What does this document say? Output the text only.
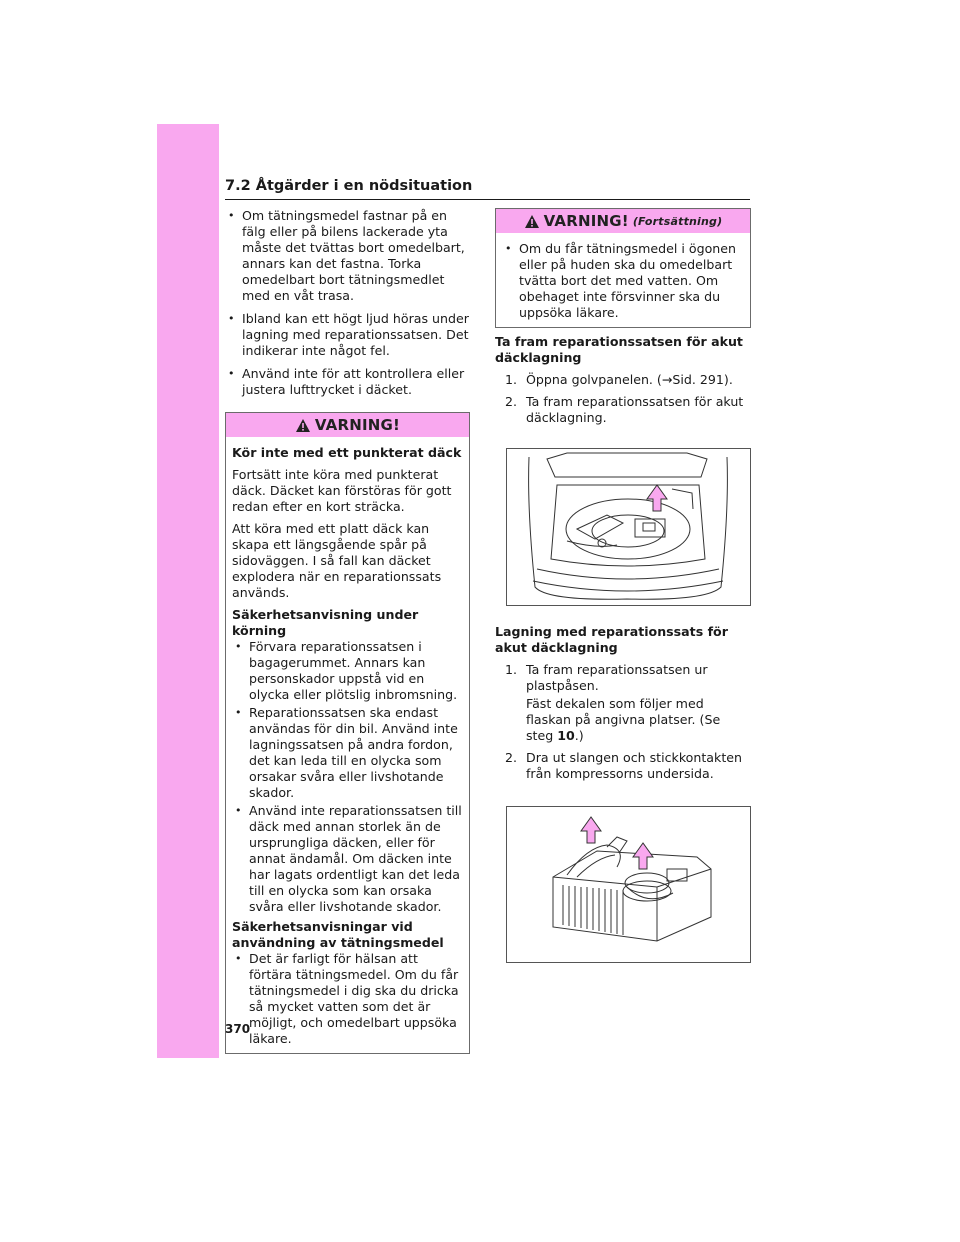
7.2 Åtgärder i en nödsituation
• Om tätningsmedel fastnar på en fälg eller på bilens lackerade yta måste det tvättas bort omedelbart, annars kan det fastna. Torka omedelbart bort tätningsmedlet med en våt trasa.
• Ibland kan ett högt ljud höras under lagning med reparationssatsen. Det indikerar inte något fel.
• Använd inte för att kontrollera eller justera lufttrycket i däcket.
VARNING!

Kör inte med ett punkterat däck

Fortsätt inte köra med punkterat däck. Däcket kan förstöras för gott redan efter en kort sträcka.

Att köra med ett platt däck kan skapa ett längsgående spår på sidoväggen. I så fall kan däcket explodera när en reparationssats används.

Säkerhetsanvisning under körning

• Förvara reparationssatsen i bagagerummet. Annars kan personskador uppstå vid en olycka eller plötslig inbromsning.
• Reparationssatsen ska endast användas för din bil. Använd inte lagningssatsen på andra fordon, det kan leda till en olycka som orsakar svåra eller livshotande skador.
• Använd inte reparationssatsen till däck med annan storlek än de ursprungliga däcken, eller för annat ändamål. Om däcken inte har lagats ordentligt kan det leda till en olycka som kan orsaka svåra eller livshotande skador.

Säkerhetsanvisningar vid användning av tätningsmedel

• Det är farligt för hälsan att förtära tätningsmedel. Om du får tätningsmedel i dig ska du dricka så mycket vatten som det är möjligt, och omedelbart uppsöka läkare.
VARNING! (Fortsättning)
• Om du får tätningsmedel i ögonen eller på huden ska du omedelbart tvätta bort det med vatten. Om obehaget inte försvinner ska du uppsöka läkare.

Ta fram reparationssatsen för akut däcklagning

1. Öppna golvpanelen. (→Sid. 291).
2. Ta fram reparationssatsen för akut däcklagning.

Lagning med reparationssats för akut däcklagning

1. Ta fram reparationssatsen ur plastpåsen.
Fäst dekalen som följer med flaskan på angivna platser. (Se steg 10.)
2. Dra ut slangen och stickkontakten från kompressorns undersida.
370
